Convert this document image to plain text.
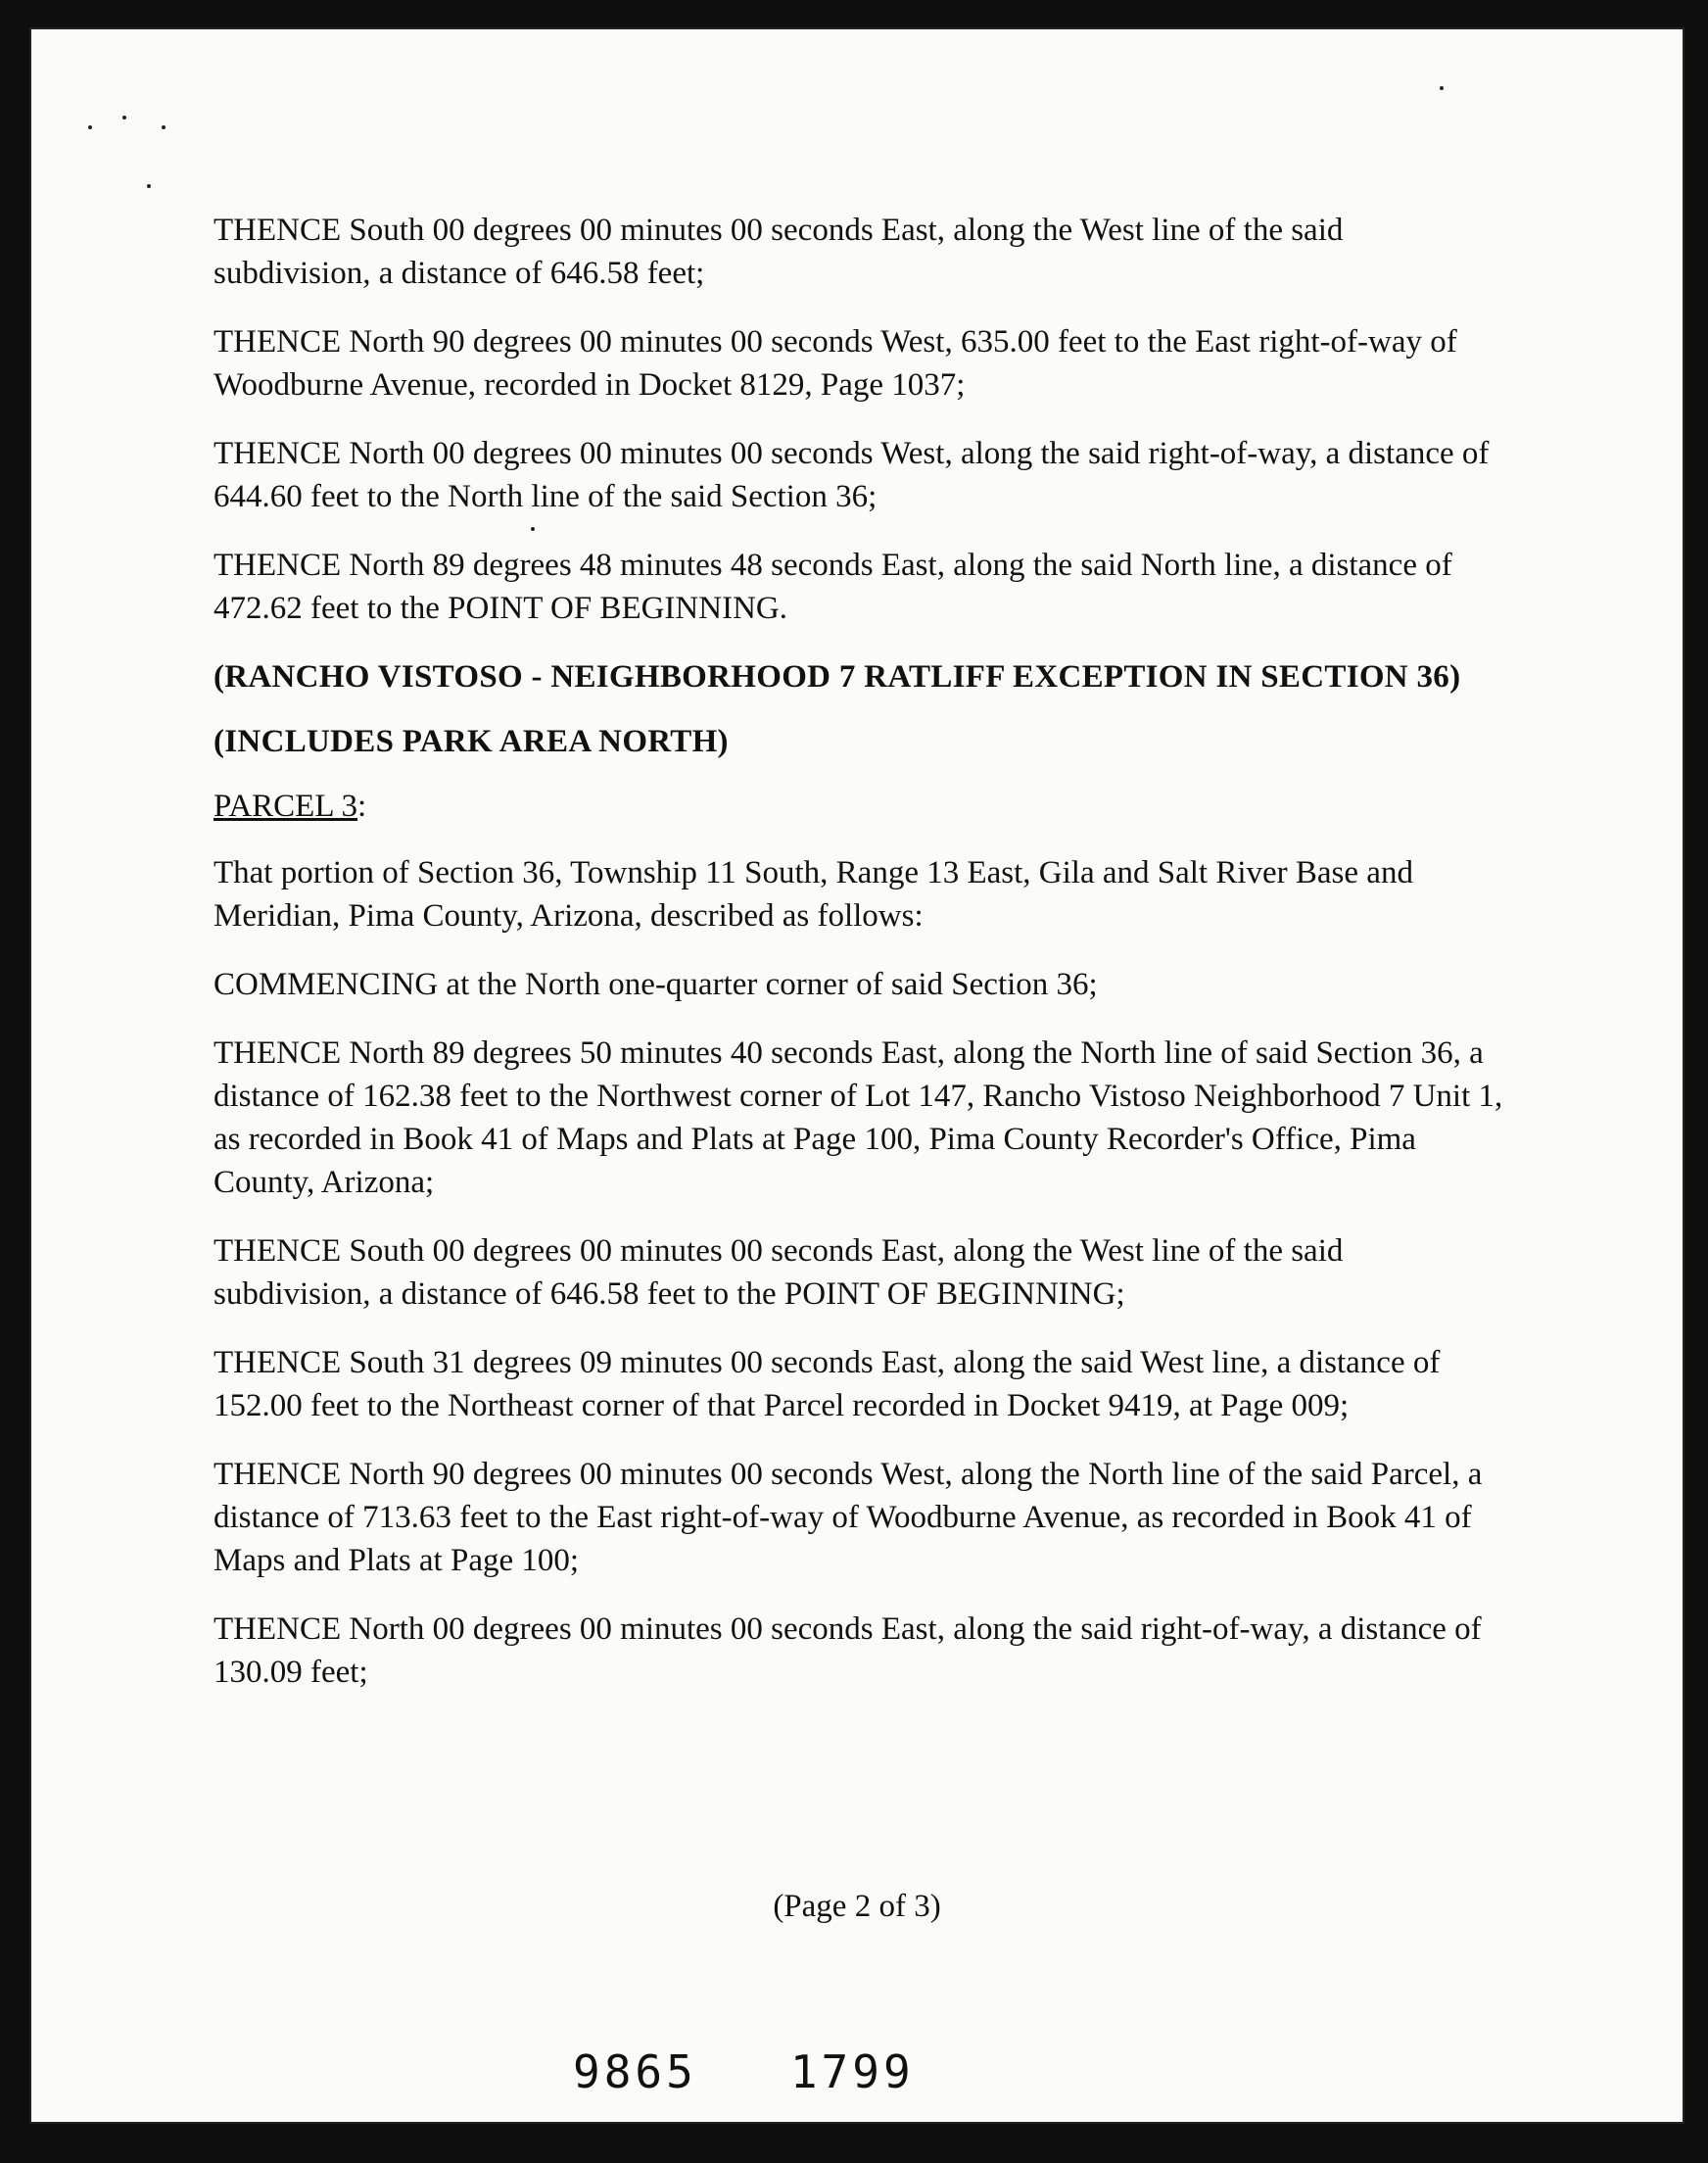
THENCE South 00 degrees 00 minutes 00 seconds East, along the West line of the said subdivision, a distance of 646.58 feet;

THENCE North 90 degrees 00 minutes 00 seconds West, 635.00 feet to the East right-of-way of Woodburne Avenue, recorded in Docket 8129, Page 1037;

THENCE North 00 degrees 00 minutes 00 seconds West, along the said right-of-way, a distance of 644.60 feet to the North line of the said Section 36;

THENCE North 89 degrees 48 minutes 48 seconds East, along the said North line, a distance of 472.62 feet to the POINT OF BEGINNING.

(RANCHO VISTOSO - NEIGHBORHOOD 7 RATLIFF EXCEPTION IN SECTION 36)

(INCLUDES PARK AREA NORTH)

PARCEL 3:

That portion of Section 36, Township 11 South, Range 13 East, Gila and Salt River Base and Meridian, Pima County, Arizona, described as follows:

COMMENCING at the North one-quarter corner of said Section 36;

THENCE North 89 degrees 50 minutes 40 seconds East, along the North line of said Section 36, a distance of 162.38 feet to the Northwest corner of Lot 147, Rancho Vistoso Neighborhood 7 Unit 1, as recorded in Book 41 of Maps and Plats at Page 100, Pima County Recorder's Office, Pima County, Arizona;

THENCE South 00 degrees 00 minutes 00 seconds East, along the West line of the said subdivision, a distance of 646.58 feet to the POINT OF BEGINNING;

THENCE South 31 degrees 09 minutes 00 seconds East, along the said West line, a distance of 152.00 feet to the Northeast corner of that Parcel recorded in Docket 9419, at Page 009;

THENCE North 90 degrees 00 minutes 00 seconds West, along the North line of the said Parcel, a distance of 713.63 feet to the East right-of-way of Woodburne Avenue, as recorded in Book 41 of Maps and Plats at Page 100;

THENCE North 00 degrees 00 minutes 00 seconds East, along the said right-of-way, a distance of 130.09 feet;

(Page 2 of 3)
9865   1799
